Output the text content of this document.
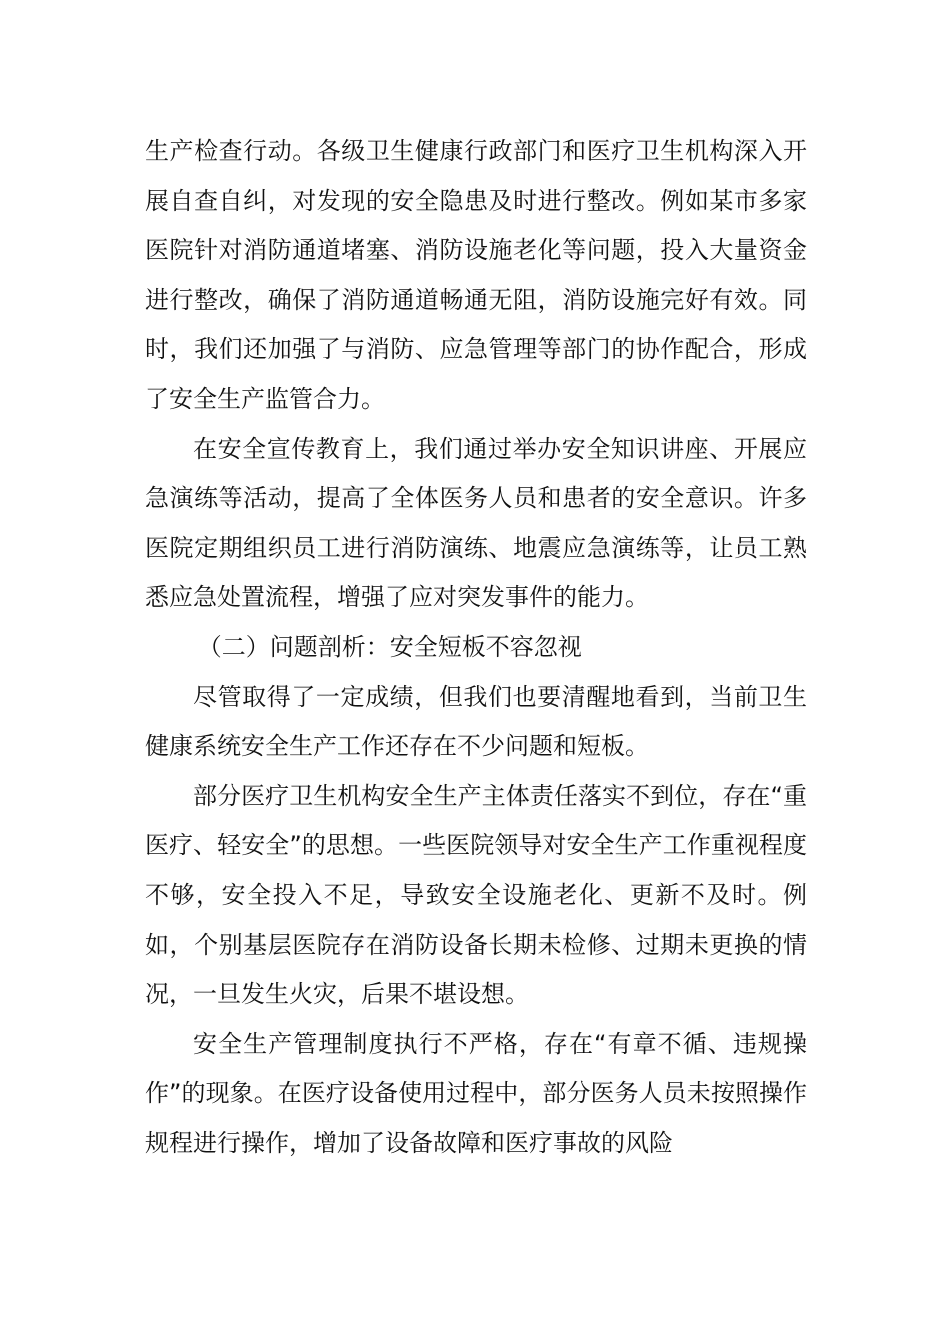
生产检查行动。各级卫生健康行政部门和医疗卫生机构深入开展自查自纠，对发现的安全隐患及时进行整改。例如某市多家医院针对消防通道堵塞、消防设施老化等问题，投入大量资金进行整改，确保了消防通道畅通无阻，消防设施完好有效。同时，我们还加强了与消防、应急管理等部门的协作配合，形成了安全生产监管合力。

在安全宣传教育上，我们通过举办安全知识讲座、开展应急演练等活动，提高了全体医务人员和患者的安全意识。许多医院定期组织员工进行消防演练、地震应急演练等，让员工熟悉应急处置流程，增强了应对突发事件的能力。

（二）问题剖析：安全短板不容忽视

尽管取得了一定成绩，但我们也要清醒地看到，当前卫生健康系统安全生产工作还存在不少问题和短板。

部分医疗卫生机构安全生产主体责任落实不到位，存在“重医疗、轻安全”的思想。一些医院领导对安全生产工作重视程度不够，安全投入不足，导致安全设施老化、更新不及时。例如，个别基层医院存在消防设备长期未检修、过期未更换的情况，一旦发生火灾，后果不堪设想。

安全生产管理制度执行不严格，存在“有章不循、违规操作”的现象。在医疗设备使用过程中，部分医务人员未按照操作规程进行操作，增加了设备故障和医疗事故的风险
